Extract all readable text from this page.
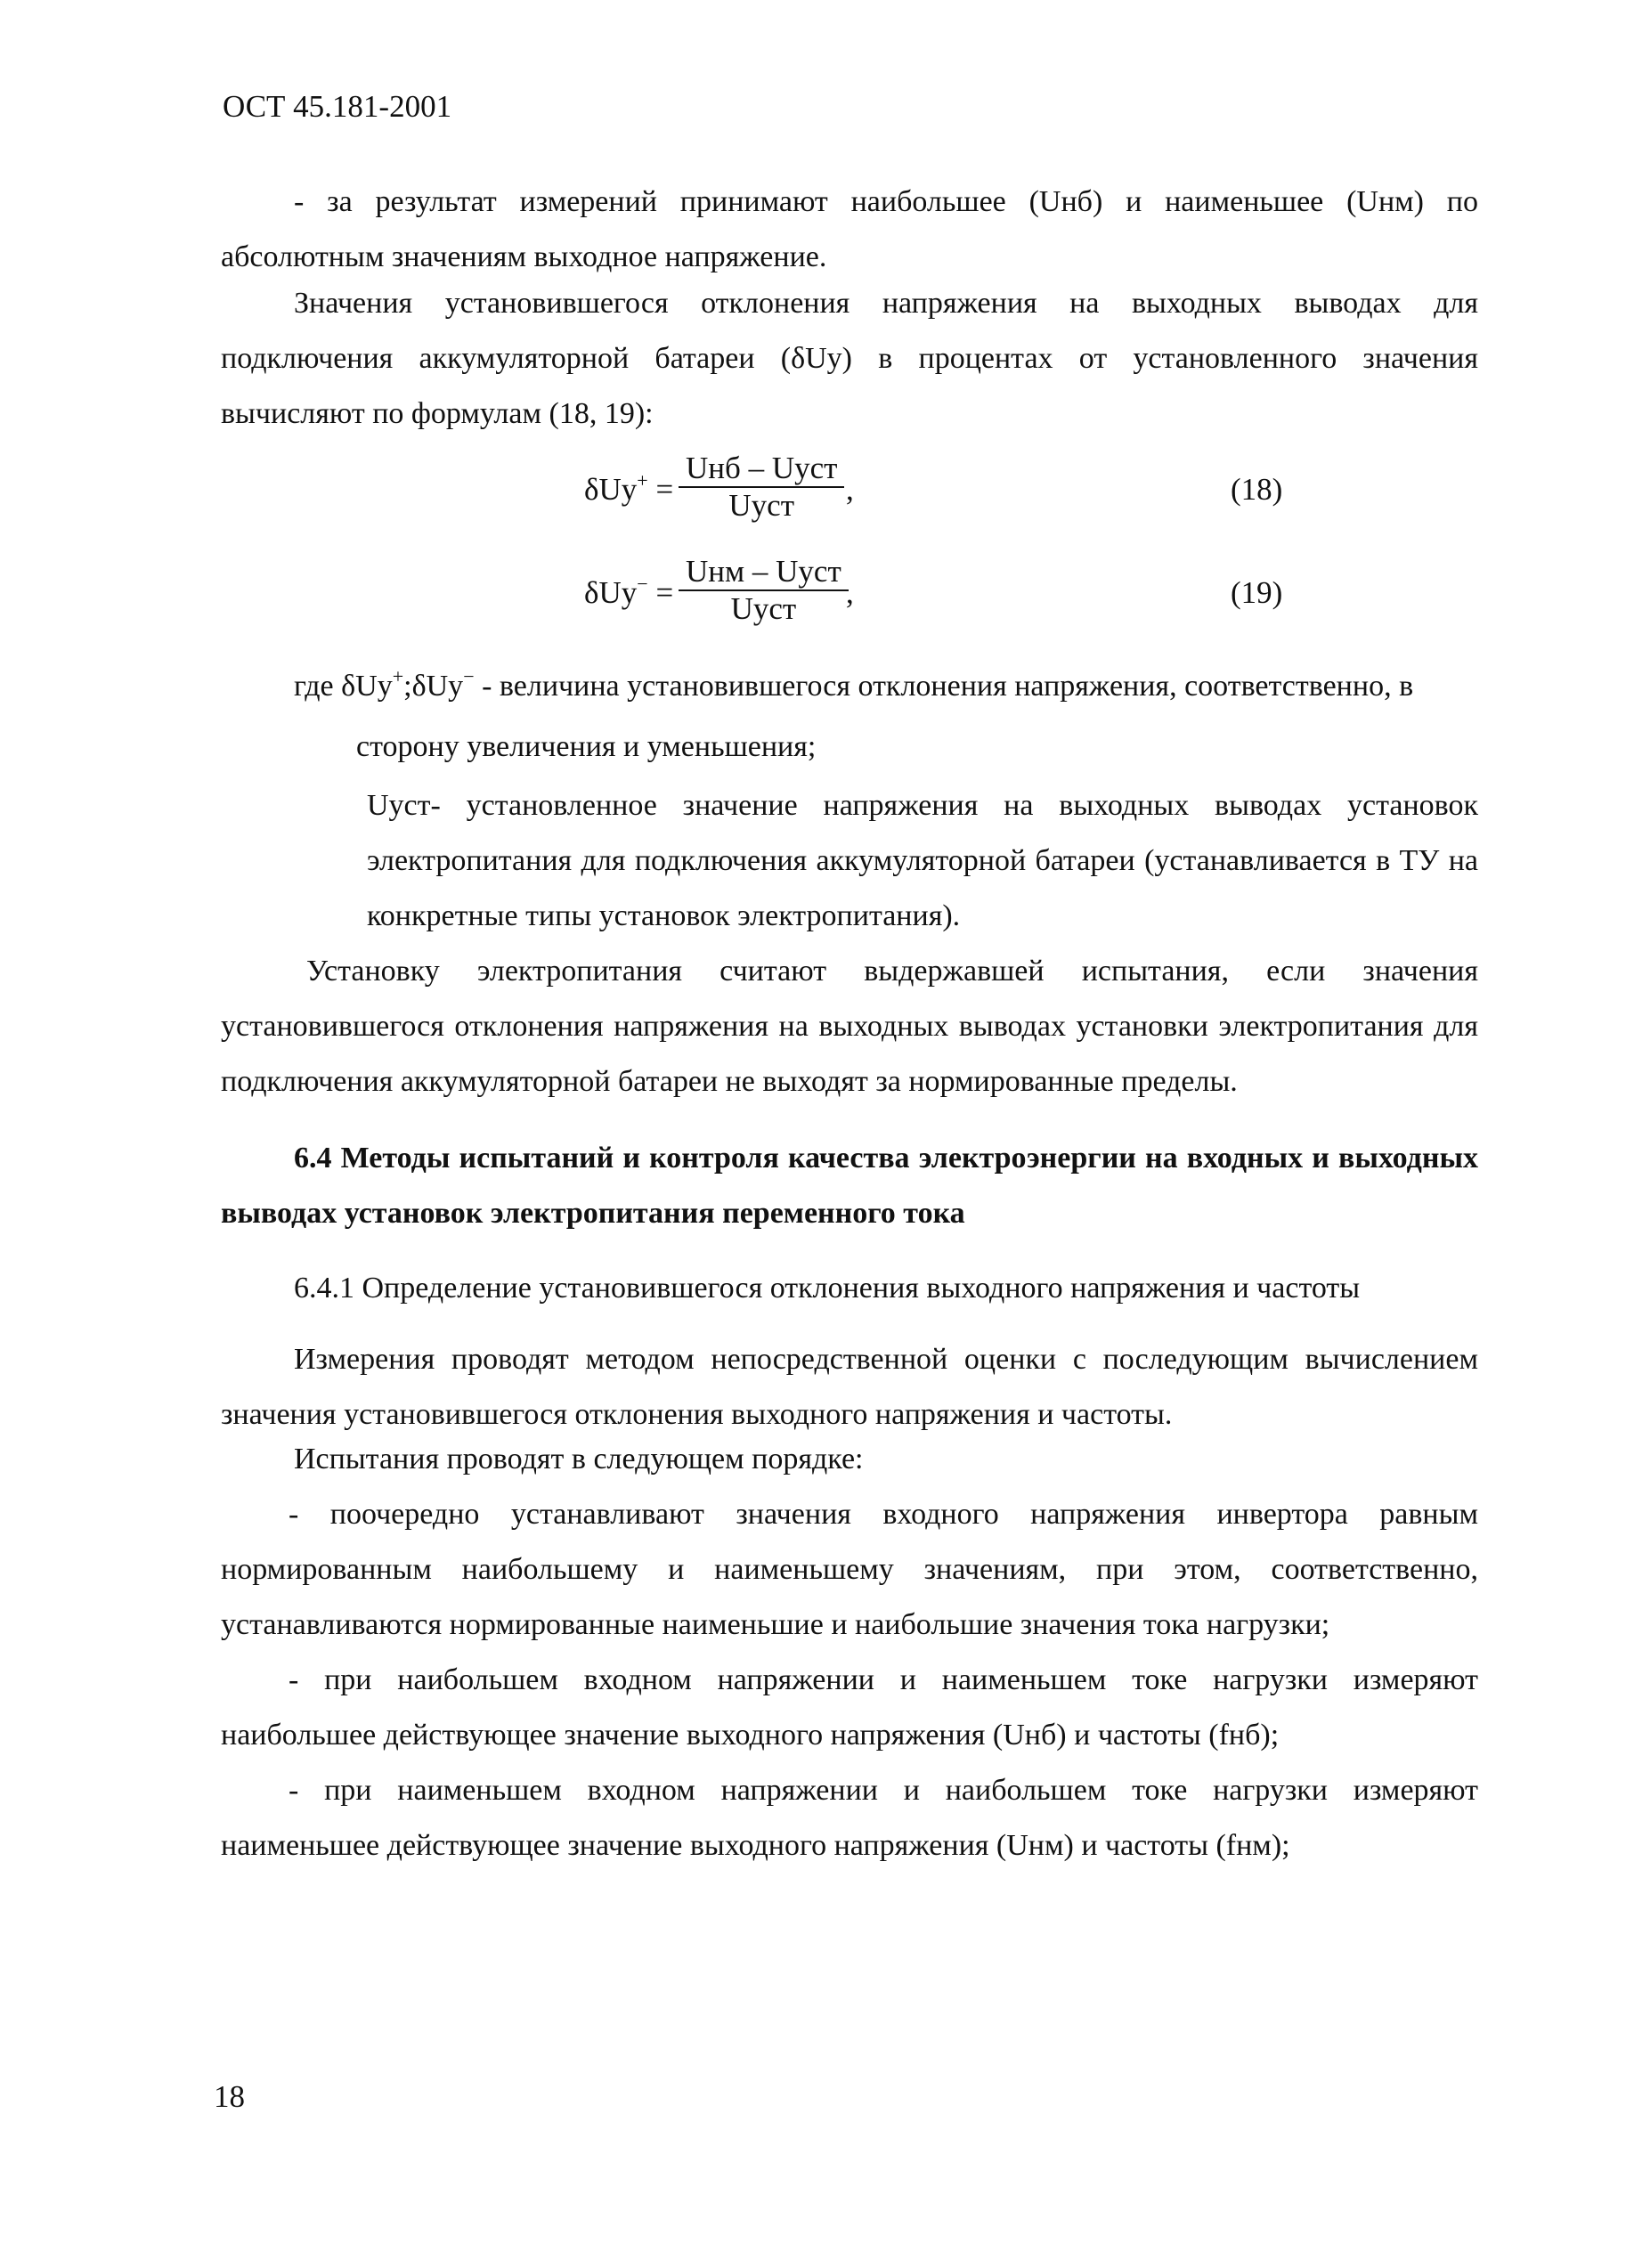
ОСТ 45.181-2001

- за результат измерений принимают наибольшее (Uнб) и наименьшее (Uнм) по абсолютным значениям выходное напряжение.

Значения установившегося отклонения напряжения на выходных выводах для подключения аккумуляторной батареи (δUу) в процентах от установленного значения вычисляют по формулам (18, 19):

δUу+ =
Uнб – Uуст
Uуст	,	(18)
δUу− =
Uнм – Uуст
Uуст	,	(19)
где δUу+;δUу− - величина установившегося отклонения напряжения, соответственно, в
сторону увеличения и уменьшения;

Uуст- установленное значение напряжения на выходных выводах установок электропитания для подключения аккумуляторной батареи (устанавливается в ТУ на конкретные типы установок электропитания).

Установку электропитания считают выдержавшей испытания, если значения установившегося отклонения напряжения на выходных выводах установки электропитания для подключения аккумуляторной батареи не выходят за нормированные пределы.

6.4 Методы испытаний и контроля качества электроэнергии на входных и выходных выводах установок электропитания переменного тока

6.4.1 Определение установившегося отклонения выходного напряжения и частоты

Измерения проводят методом непосредственной оценки с последующим вычислением значения установившегося отклонения выходного напряжения и частоты.

Испытания проводят в следующем порядке:

- поочередно устанавливают значения входного напряжения инвертора равным нормированным наибольшему и наименьшему значениям, при этом, соответственно, устанавливаются нормированные наименьшие и наибольшие значения тока нагрузки;

- при наибольшем входном напряжении и наименьшем токе нагрузки измеряют наибольшее действующее значение выходного напряжения (Uнб) и частоты (fнб);

- при наименьшем входном напряжении и наибольшем токе нагрузки измеряют наименьшее действующее значение выходного напряжения (Uнм) и частоты (fнм);

18
